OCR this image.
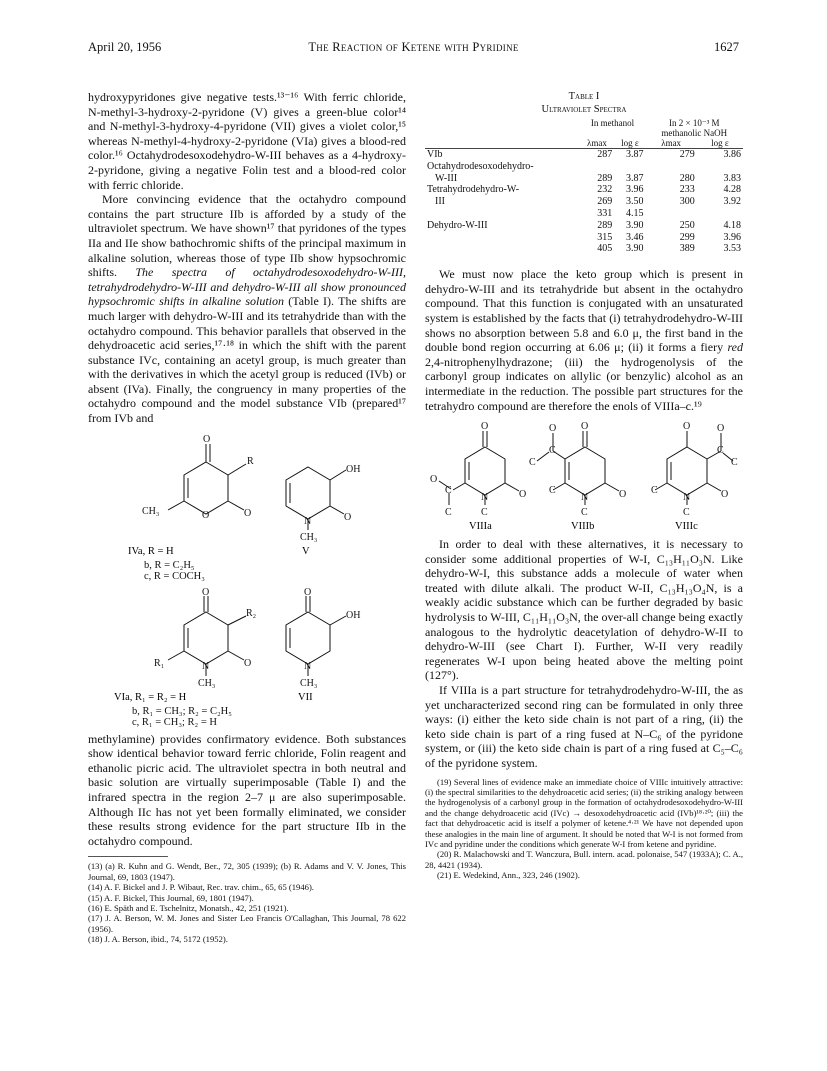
April 20, 1956	The Reaction of Ketene with Pyridine	1627

hydroxypyridones give negative tests.¹³⁻¹⁶ With ferric chloride, N-methyl-3-hydroxy-2-pyridone (V) gives a green-blue color¹⁴ and N-methyl-3-hydroxy-4-pyridone (VII) gives a violet color,¹⁵ whereas N-methyl-4-hydroxy-2-pyridone (VIa) gives a blood-red color.¹⁶ Octahydrodesoxodehydro-W-III behaves as a 4-hydroxy-2-pyridone, giving a negative Folin test and a blood-red color with ferric chloride.

More convincing evidence that the octahydro compound contains the part structure IIb is afforded by a study of the ultraviolet spectrum. We have shown¹⁷ that pyridones of the types IIa and IIe show bathochromic shifts of the principal maximum in alkaline solution, whereas those of type IIb show hypsochromic shifts. The spectra of octahydrodesoxodehydro-W-III, tetrahydrodehydro-W-III and dehydro-W-III all show pronounced hypsochromic shifts in alkaline solution (Table I). The shifts are much larger with dehydro-W-III and its tetrahydride than with the octahydro compound. This behavior parallels that observed in the dehydroacetic acid series,¹⁷·¹⁸ in which the shift with the parent substance IVc, containing an acetyl group, is much greater than with the derivatives in which the acetyl group is reduced (IVb) or absent (IVa). Finally, the congruency in many properties of the octahydro compound and the model substance VIb (prepared¹⁷ from IVb and

O
R
O	O
CH₃
OH
N	O
CH₃
IVa, R = H	V
b, R = C₂H₅
c, R = COCH₃
O
R₂
N	O
R₁
CH₃
O
OH
N
CH₃
VIa, R₁ = R₂ = H	VII
b, R₁ = CH₃; R₂ = C₂H₅
c, R₁ = CH₃; R₂ = H

methylamine) provides confirmatory evidence. Both substances show identical behavior toward ferric chloride, Folin reagent and ethanolic picric acid. The ultraviolet spectra in both neutral and basic solution are virtually superimposable (Table I) and the infrared spectra in the region 2–7 μ are also superimposable. Although IIc has not yet been formally eliminated, we consider these results strong evidence for the part structure IIb in the octahydro compound.

(13) (a) R. Kuhn and G. Wendt, Ber., 72, 305 (1939); (b) R. Adams and V. V. Jones, This Journal, 69, 1803 (1947).

(14) A. F. Bickel and J. P. Wibaut, Rec. trav. chim., 65, 65 (1946).

(15) A. F. Bickel, This Journal, 69, 1801 (1947).

(16) E. Späth and E. Tschelnitz, Monatsh., 42, 251 (1921).

(17) J. A. Berson, W. M. Jones and Sister Leo Francis O'Callaghan, This Journal, 78 622 (1956).

(18) J. A. Berson, ibid., 74, 5172 (1952).

Table I
Ultraviolet Spectra
	In methanol		In 2 × 10⁻³ M
methanolic NaOH	
	λmax	log ε	λmax	log ε

VIb	287	3.87	279	3.86
Octahydrodesoxodehydro-				
W-III	289	3.87	280	3.83
Tetrahydrodehydro-W-	232	3.96	233	4.28
III	269	3.50	300	3.92
	331	4.15		
Dehydro-W-III	289	3.90	250	4.18
	315	3.46	299	3.96
	405	3.90	389	3.53

We must now place the keto group which is present in dehydro-W-III and its tetrahydride but absent in the octahydro compound. That this function is conjugated with an unsaturated system is established by the facts that (i) tetrahydrodehydro-W-III shows no absorption between 5.8 and 6.0 μ, the first band in the double bond region occurring at 6.06 μ; (ii) it forms a fiery red 2,4-nitrophenylhydrazone; (iii) the hydrogenolysis of the carbonyl group indicates on allylic (or benzylic) alcohol as an intermediate in the reduction. The possible part structures for the tetrahydro compound are therefore the enols of VIIIa–c.¹⁹

O
N	O
O
C
C	C
O
O
C
C
N	O
C
C
O	O
C
C
N	O
C
C
VIIIa	VIIIb	VIIIc

In order to deal with these alternatives, it is necessary to consider some additional properties of W-I, C₁₃H₁₁O₃N. Like dehydro-W-I, this substance adds a molecule of water when treated with dilute alkali. The product W-II, C₁₃H₁₃O₄N, is a weakly acidic substance which can be further degraded by basic hydrolysis to W-III, C₁₁H₁₁O₃N, the over-all change being exactly analogous to the hydrolytic deacetylation of dehydro-W-II to dehydro-W-III (see Chart I). Further, W-II very readily regenerates W-I upon being heated above the melting point (127°).

If VIIIa is a part structure for tetrahydrodehydro-W-III, the as yet uncharacterized second ring can be formulated in only three ways: (i) either the keto side chain is not part of a ring, (ii) the keto side chain is part of a ring fused at N–C₆ of the pyridone system, or (iii) the keto side chain is part of a ring fused at C₅–C₆ of the pyridone system.

(19) Several lines of evidence make an immediate choice of VIIIc intuitively attractive: (i) the spectral similarities to the dehydroacetic acid series; (ii) the striking analogy between the hydrogenolysis of a carbonyl group in the formation of octahydrodesoxodehydro-W-III and the change dehydroacetic acid (IVc) → desoxodehydroacetic acid (IVb)¹⁸·²⁰; (iii) the fact that dehydroacetic acid is itself a polymer of ketene.⁴·²¹ We have not depended upon these analogies in the main line of argument. It should be noted that W-I is not formed from IVc and pyridine under the conditions which generate W-I from ketene and pyridine.

(20) R. Malachowski and T. Wanczura, Bull. intern. acad. polonaise, 547 (1933A); C. A., 28, 4421 (1934).

(21) E. Wedekind, Ann., 323, 246 (1902).
